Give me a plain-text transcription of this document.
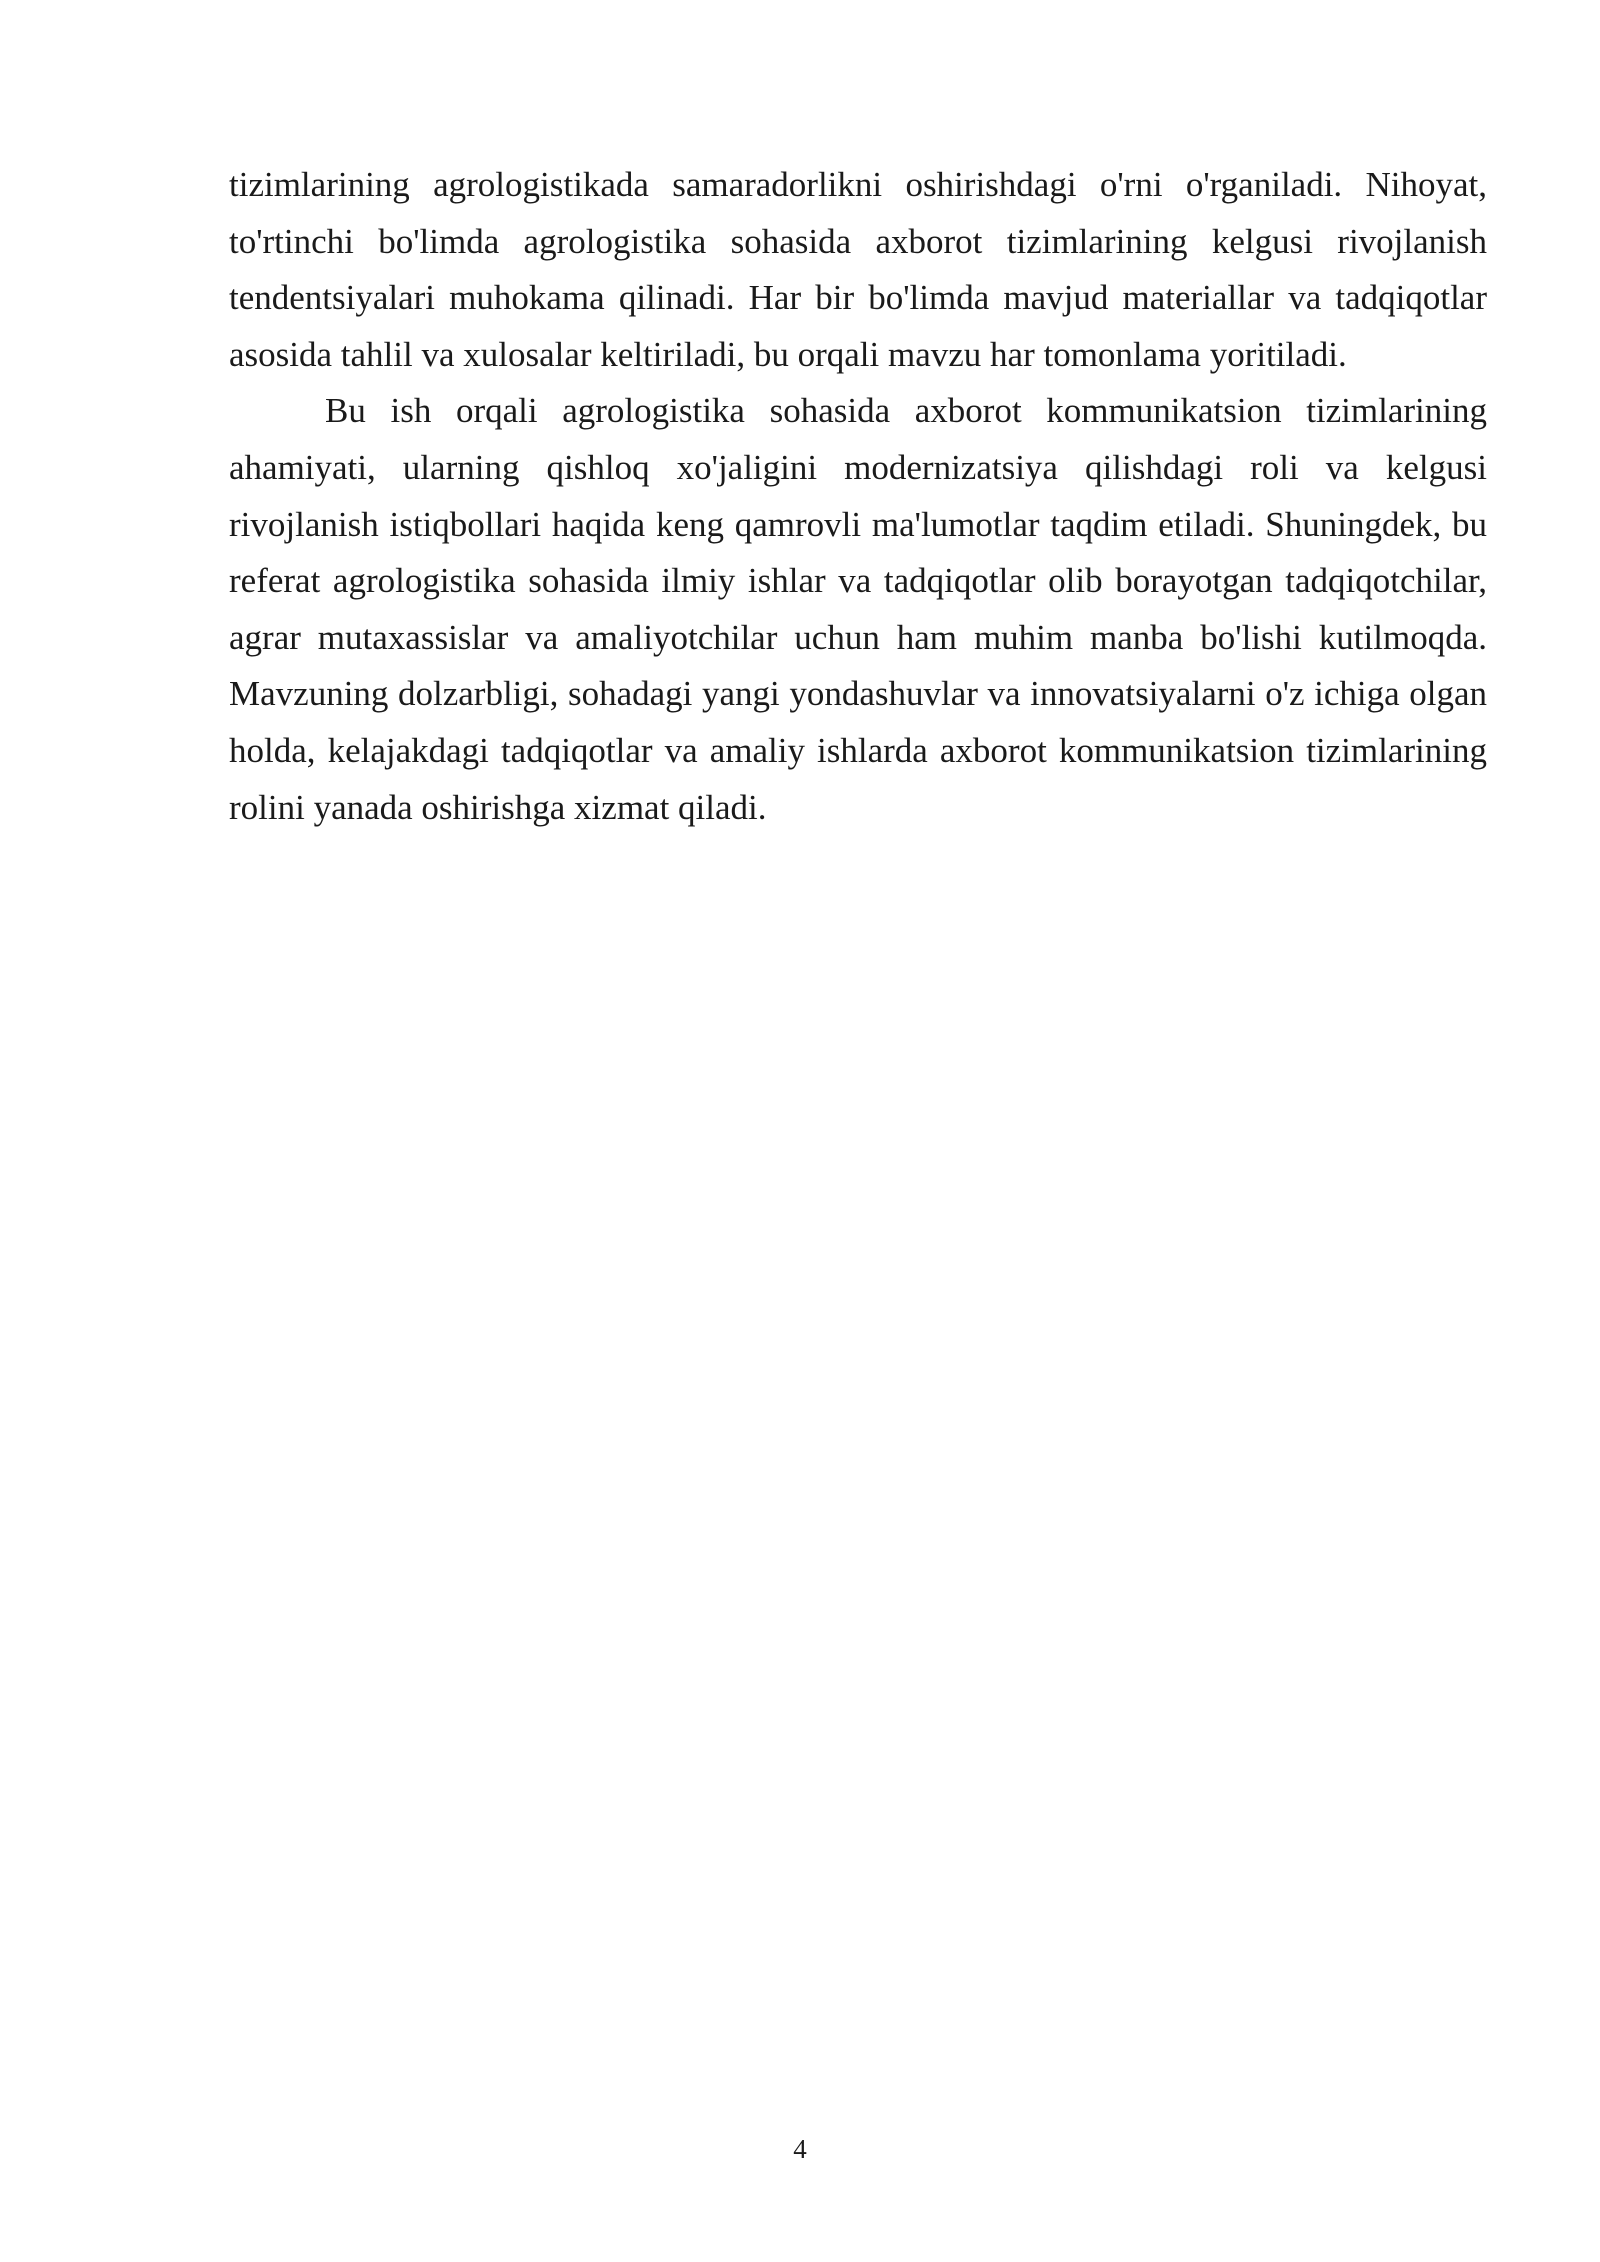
tizimlarining agrologistikada samaradorlikni oshirishdagi o'rni o'rganiladi. Nihoyat, to'rtinchi bo'limda agrologistika sohasida axborot tizimlarining kelgusi rivojlanish tendentsiyalari muhokama qilinadi. Har bir bo'limda mavjud materiallar va tadqiqotlar asosida tahlil va xulosalar keltiriladi, bu orqali mavzu har tomonlama yoritiladi.

Bu ish orqali agrologistika sohasida axborot kommunikatsion tizimlarining ahamiyati, ularning qishloq xo'jaligini modernizatsiya qilishdagi roli va kelgusi rivojlanish istiqbollari haqida keng qamrovli ma'lumotlar taqdim etiladi. Shuningdek, bu referat agrologistika sohasida ilmiy ishlar va tadqiqotlar olib borayotgan tadqiqotchilar, agrar mutaxassislar va amaliyotchilar uchun ham muhim manba bo'lishi kutilmoqda. Mavzuning dolzarbligi, sohadagi yangi yondashuvlar va innovatsiyalarni o'z ichiga olgan holda, kelajakdagi tadqiqotlar va amaliy ishlarda axborot kommunikatsion tizimlarining rolini yanada oshirishga xizmat qiladi.

4
